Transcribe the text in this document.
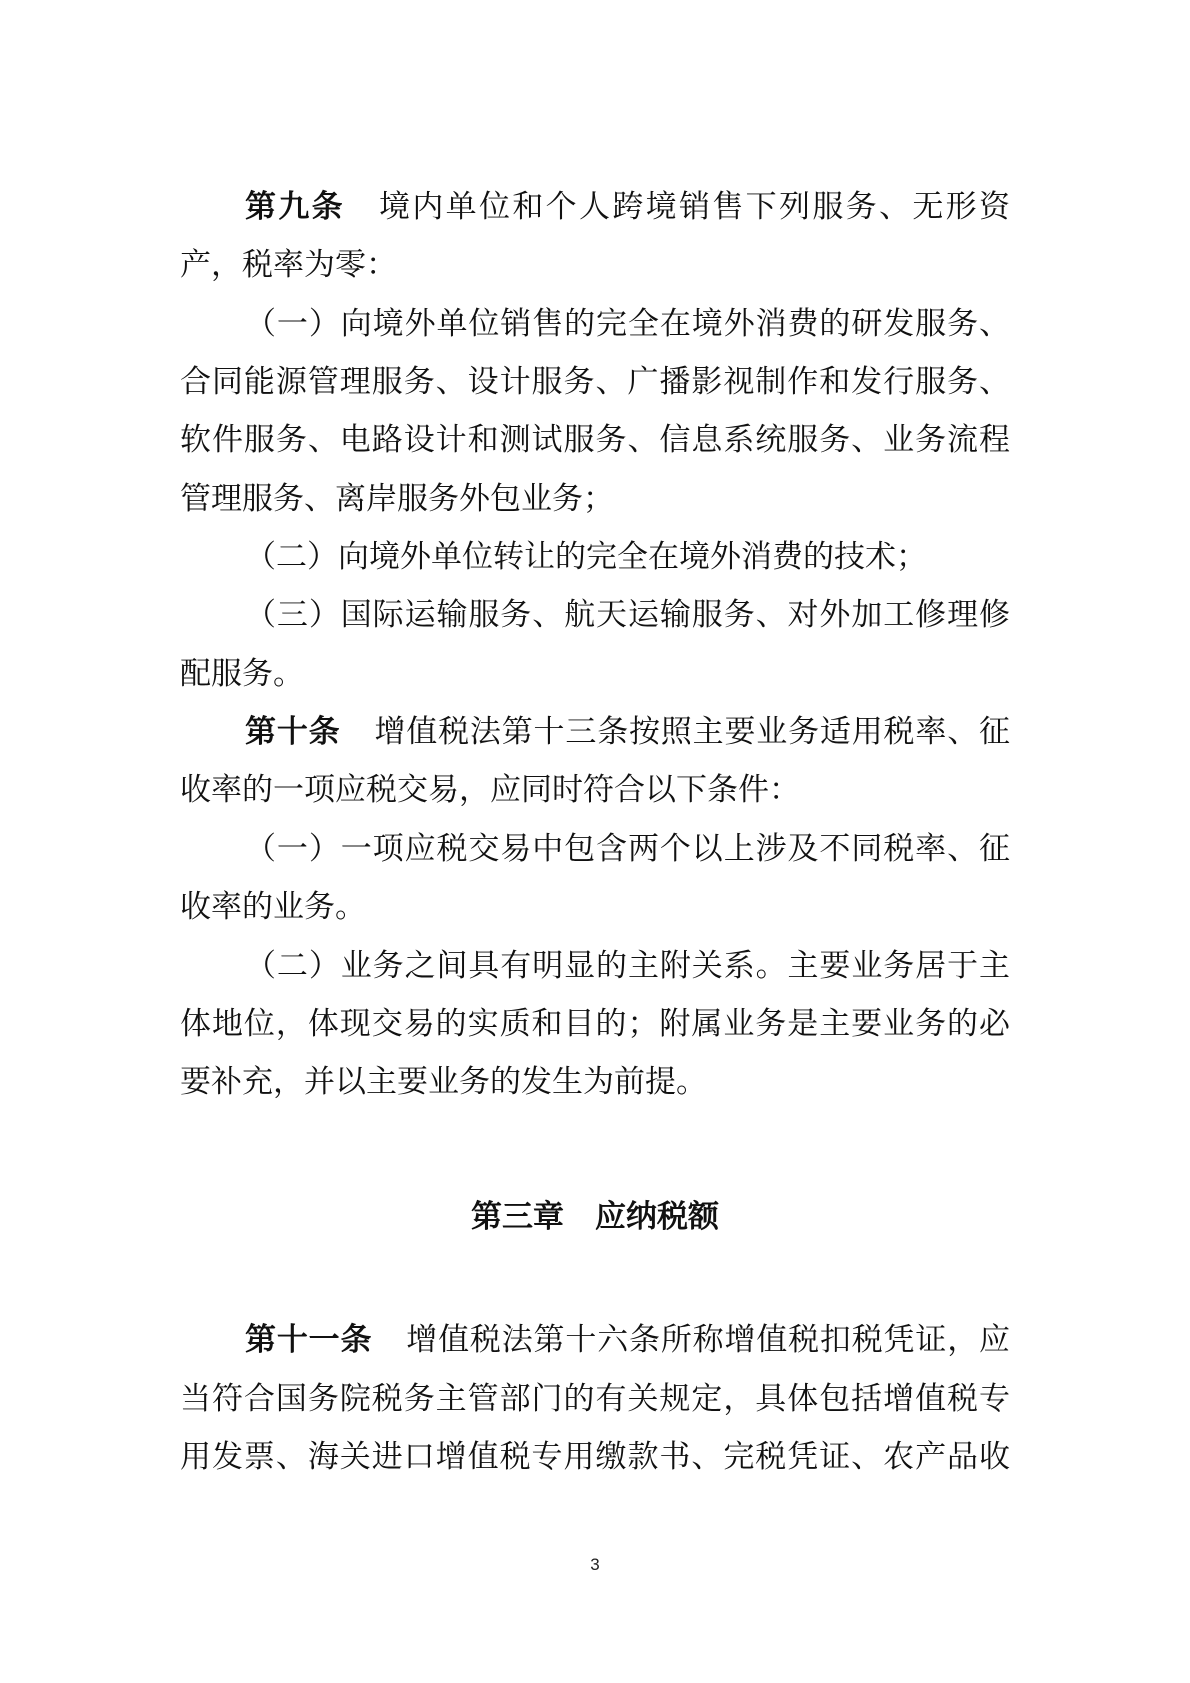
第九条 境内单位和个人跨境销售下列服务、无形资
产，税率为零：
（一）向境外单位销售的完全在境外消费的研发服务、
合同能源管理服务、设计服务、广播影视制作和发行服务、
软件服务、电路设计和测试服务、信息系统服务、业务流程
管理服务、离岸服务外包业务；
（二）向境外单位转让的完全在境外消费的技术；
（三）国际运输服务、航天运输服务、对外加工修理修
配服务。
第十条 增值税法第十三条按照主要业务适用税率、征
收率的一项应税交易，应同时符合以下条件：
（一）一项应税交易中包含两个以上涉及不同税率、征
收率的业务。
（二）业务之间具有明显的主附关系。主要业务居于主
体地位，体现交易的实质和目的；附属业务是主要业务的必
要补充，并以主要业务的发生为前提。
第三章　应纳税额
第十一条 增值税法第十六条所称增值税扣税凭证，应
当符合国务院税务主管部门的有关规定，具体包括增值税专
用发票、海关进口增值税专用缴款书、完税凭证、农产品收
3
